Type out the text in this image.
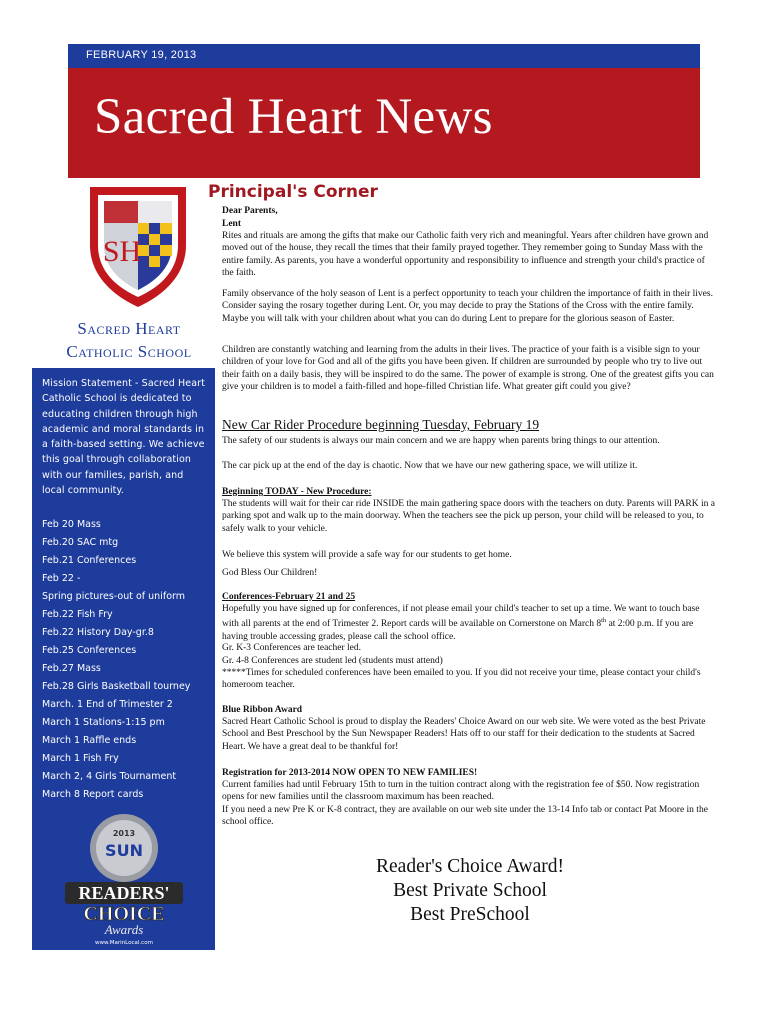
FEBRUARY 19, 2013
Sacred Heart News
SH
Sacred Heart
Catholic School
Mission Statement - Sacred Heart Catholic School is dedicated to educating children through high academic and moral standards in a faith-based setting. We achieve this goal through collaboration with our families, parish, and local community.
Feb 20 Mass
Feb.20 SAC mtg
Feb.21 Conferences
Feb 22 -
Spring pictures-out of uniform
Feb.22 Fish Fry
Feb.22 History Day-gr.8
Feb.25 Conferences
Feb.27 Mass
Feb.28 Girls Basketball tourney
March. 1 End of Trimester 2
March 1 Stations-1:15 pm
March 1 Raffle ends
March 1 Fish Fry
March 2, 4 Girls Tournament
March 8 Report cards
2013
SUN
READERS'
CHOICE
Awards
www.MarinLocal.com
Principal's Corner

Dear Parents,

Lent

Rites and rituals are among the gifts that make our Catholic faith very rich and meaningful. Years after children have grown and moved out of the house, they recall the times that their family prayed together. They remember going to Sunday Mass with the entire family. As parents, you have a wonderful opportunity and responsibility to influence and strength your child's practice of the faith.

Family observance of the holy season of Lent is a perfect opportunity to teach your children the importance of faith in their lives. Consider saying the rosary together during Lent. Or, you may decide to pray the Stations of the Cross with the entire family. Maybe you will talk with your children about what you can do during Lent to prepare for the glorious season of Easter.

Children are constantly watching and learning from the adults in their lives. The practice of your faith is a visible sign to your children of your love for God and all of the gifts you have been given. If children are surrounded by people who try to live out their faith on a daily basis, they will be inspired to do the same. The power of example is strong. One of the greatest gifts you can give your children is to model a faith-filled and hope-filled Christian life. What greater gift could you give?

New Car Rider Procedure beginning Tuesday, February 19

The safety of our students is always our main concern and we are happy when parents bring things to our attention.

The car pick up at the end of the day is chaotic. Now that we have our new gathering space, we will utilize it.

Beginning TODAY - New Procedure:

The students will wait for their car ride INSIDE the main gathering space doors with the teachers on duty. Parents will PARK in a parking spot and walk up to the main doorway. When the teachers see the pick up person, your child will be released to you, to safely walk to your vehicle.

We believe this system will provide a safe way for our students to get home.

God Bless Our Children!

Conferences-February 21 and 25

Hopefully you have signed up for conferences, if not please email your child's teacher to set up a time. We want to touch base with all parents at the end of Trimester 2. Report cards will be available on Cornerstone on March 8th at 2:00 p.m. If you are having trouble accessing grades, please call the school office.

Gr. K-3 Conferences are teacher led.

Gr. 4-8 Conferences are student led (students must attend)

*****Times for scheduled conferences have been emailed to you. If you did not receive your time, please contact your child's homeroom teacher.

Blue Ribbon Award

Sacred Heart Catholic School is proud to display the Readers' Choice Award on our web site. We were voted as the best Private School and Best Preschool by the Sun Newspaper Readers! Hats off to our staff for their dedication to the students at Sacred Heart. We have a great deal to be thankful for!

Registration for 2013-2014 NOW OPEN TO NEW FAMILIES!

Current families had until February 15th to turn in the tuition contract along with the registration fee of $50. Now registration opens for new families until the classroom maximum has been reached.

If you need a new Pre K or K-8 contract, they are available on our web site under the 13-14 Info tab or contact Pat Moore in the school office.

Reader's Choice Award!
Best Private School
Best PreSchool
